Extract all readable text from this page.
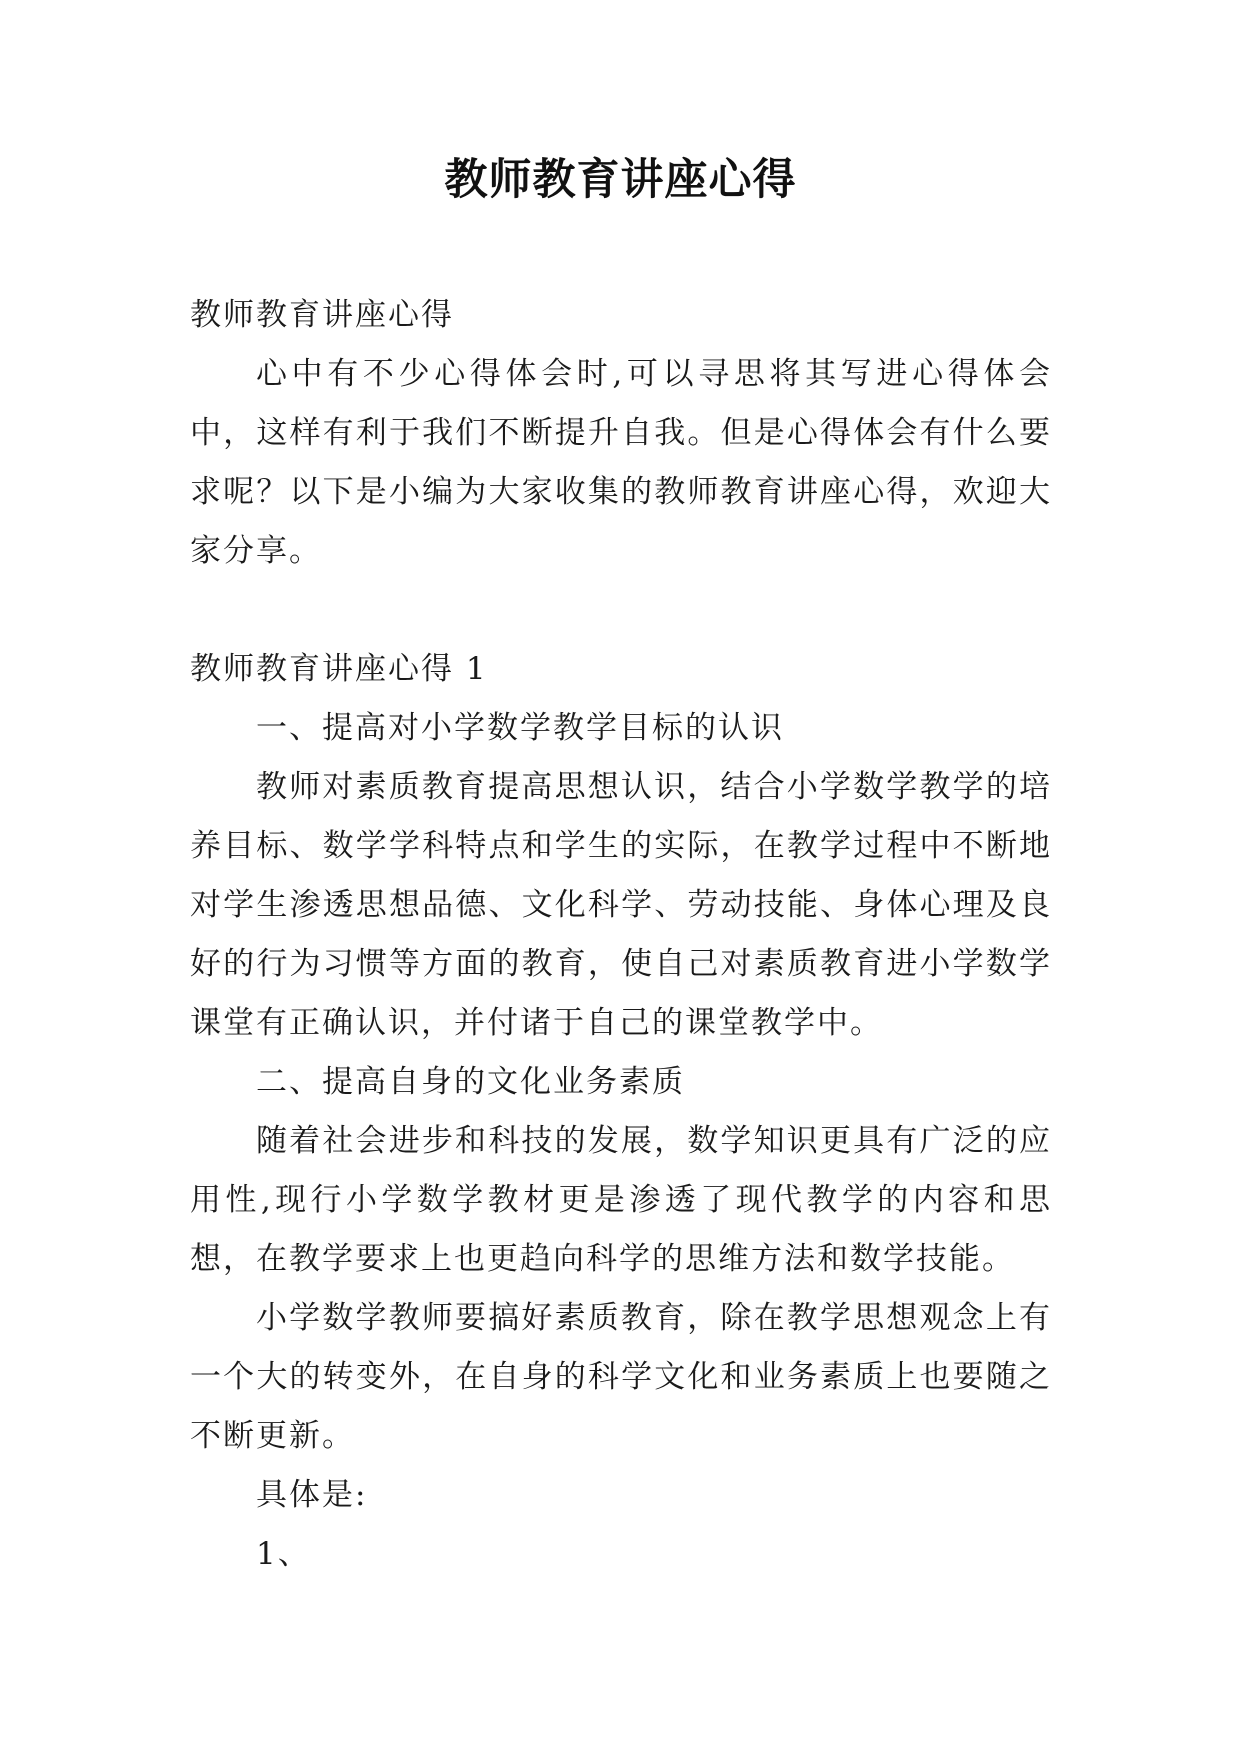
教师教育讲座心得

教师教育讲座心得

心中有不少心得体会时,可以寻思将其写进心得体会中，这样有利于我们不断提升自我。但是心得体会有什么要求呢？以下是小编为大家收集的教师教育讲座心得，欢迎大家分享。

教师教育讲座心得 1

一、提高对小学数学教学目标的认识

教师对素质教育提高思想认识，结合小学数学教学的培养目标、数学学科特点和学生的实际，在教学过程中不断地对学生渗透思想品德、文化科学、劳动技能、身体心理及良好的行为习惯等方面的教育，使自己对素质教育进小学数学课堂有正确认识，并付诸于自己的课堂教学中。

二、提高自身的文化业务素质

随着社会进步和科技的发展，数学知识更具有广泛的应用性,现行小学数学教材更是渗透了现代教学的内容和思想，在教学要求上也更趋向科学的思维方法和数学技能。

小学数学教师要搞好素质教育，除在教学思想观念上有一个大的转变外，在自身的科学文化和业务素质上也要随之不断更新。

具体是:

1、
